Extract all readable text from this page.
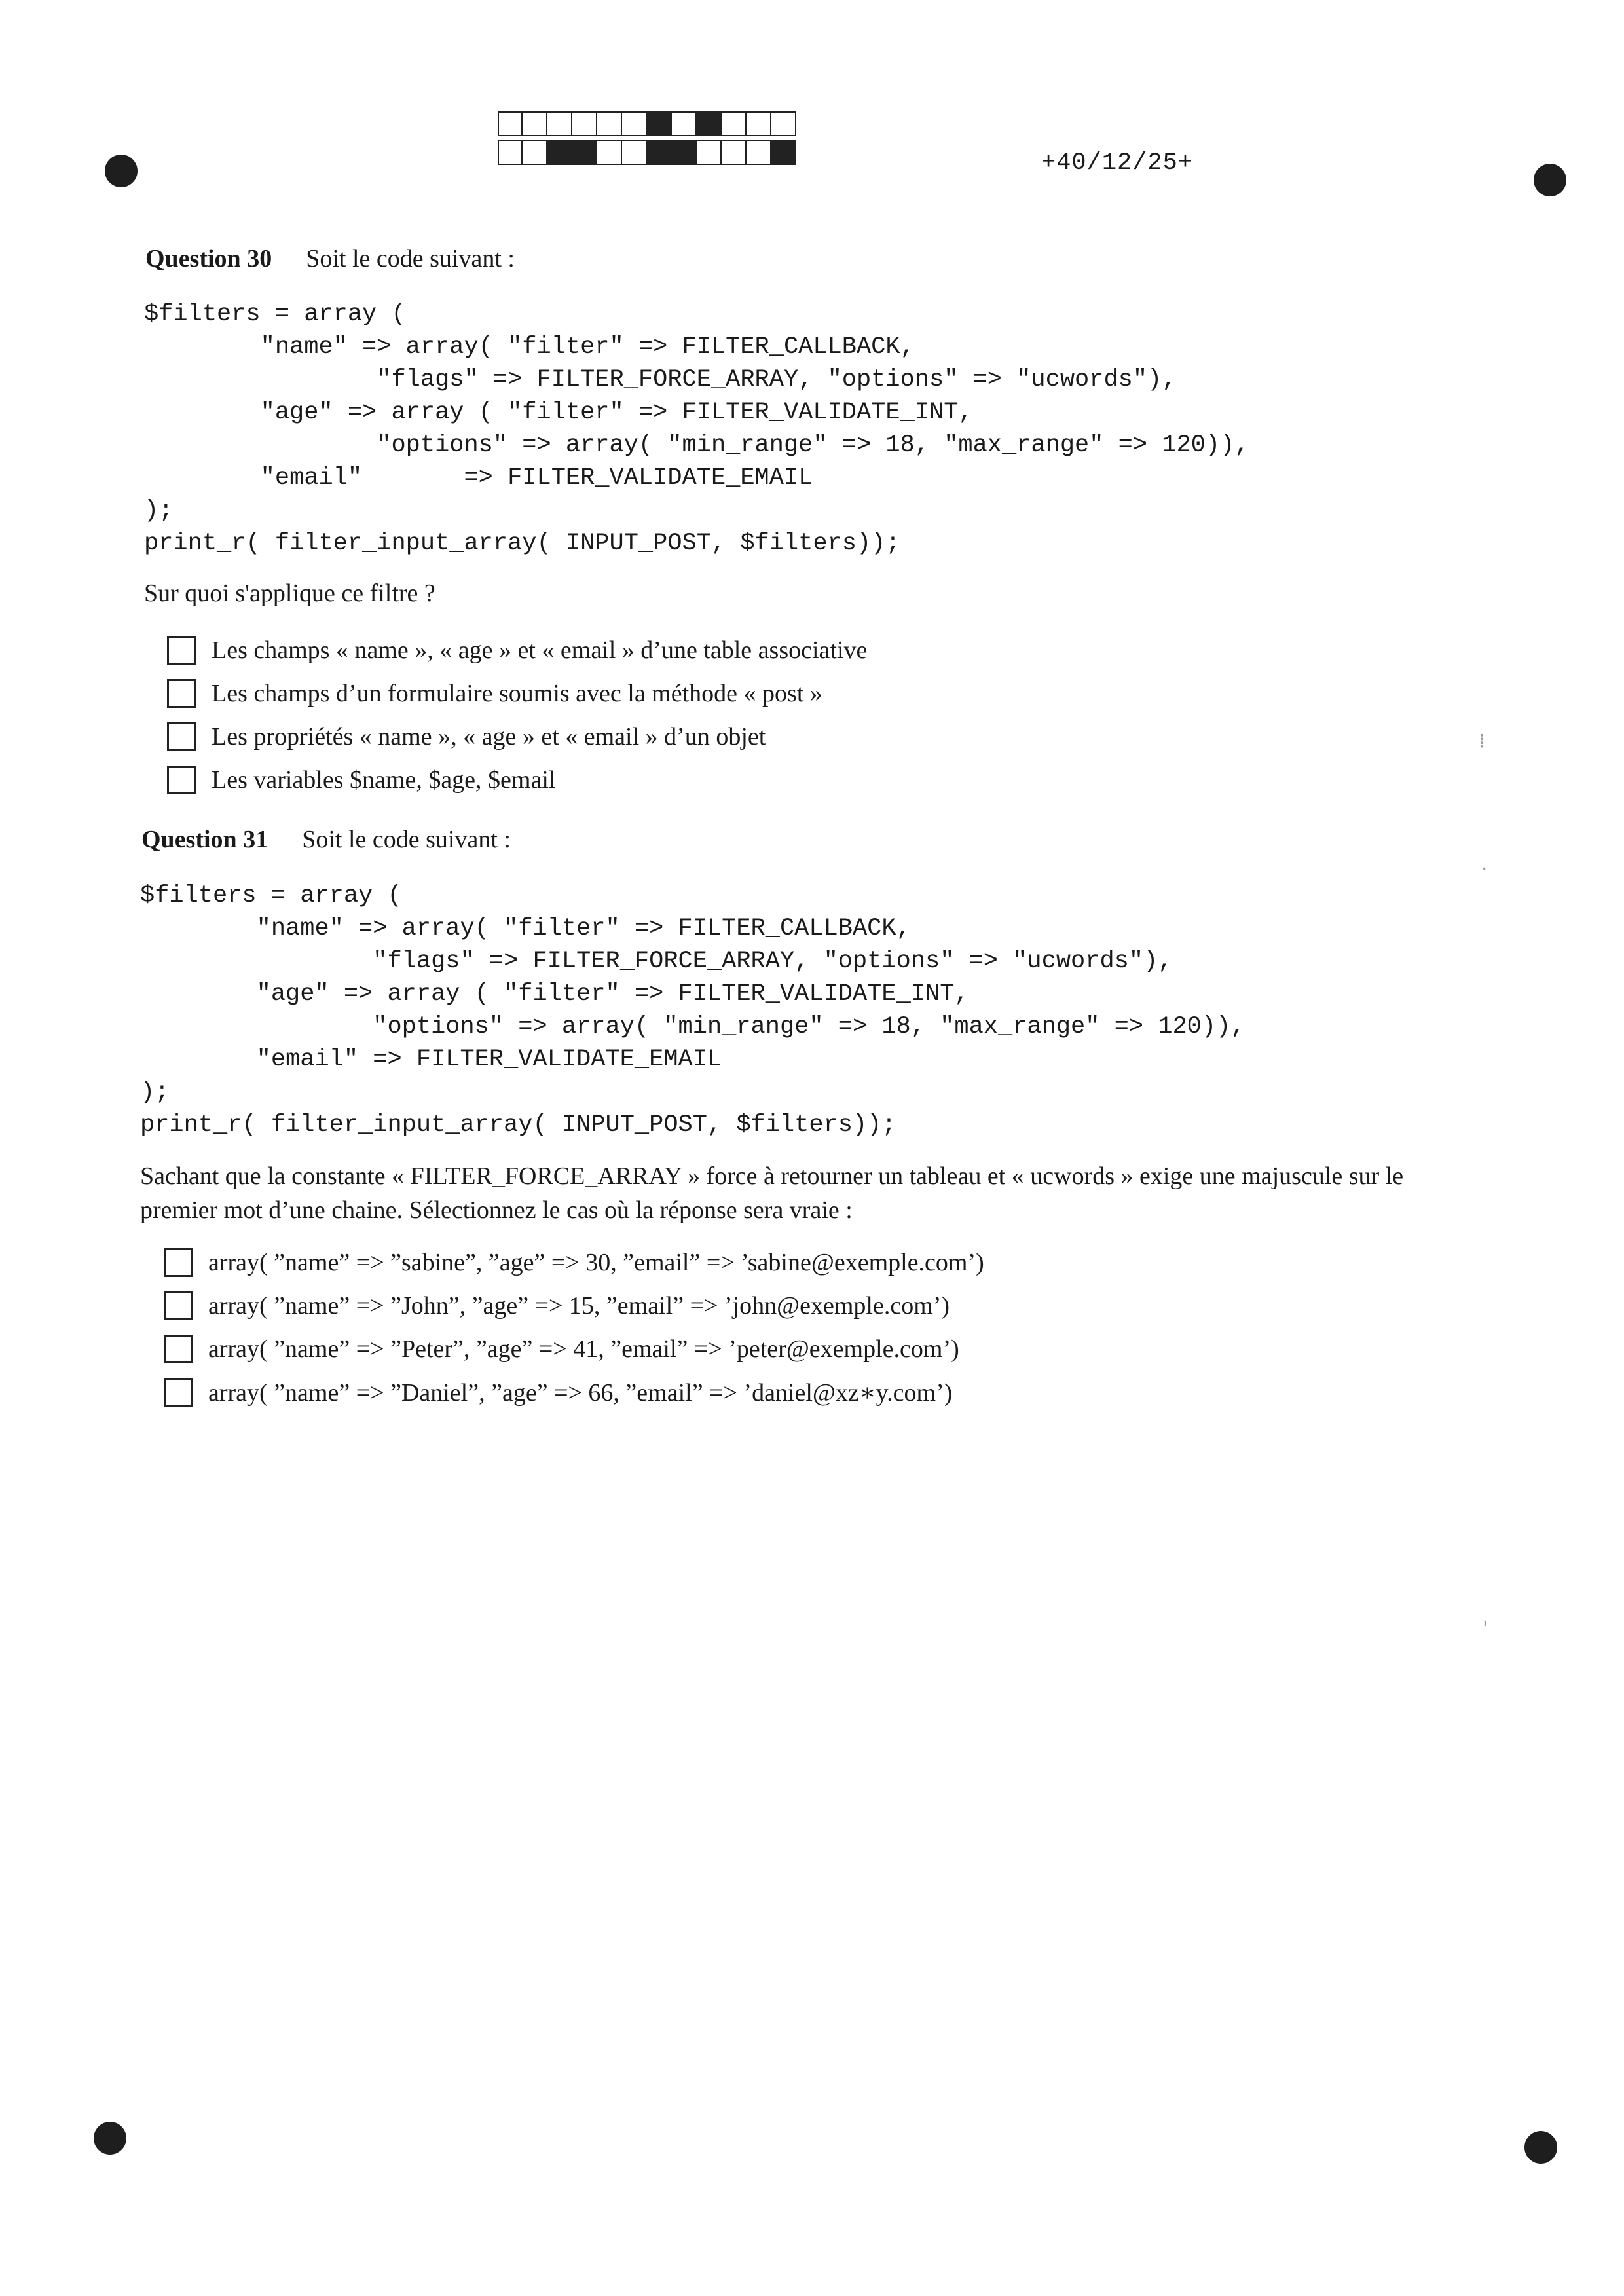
+40/12/25+
Question 30 Soit le code suivant :
$filters = array (
"name" => array( "filter" => FILTER_CALLBACK,
"flags" => FILTER_FORCE_ARRAY, "options" => "ucwords"),
"age" => array ( "filter" => FILTER_VALIDATE_INT,
"options" => array( "min_range" => 18, "max_range" => 120)),
"email"       => FILTER_VALIDATE_EMAIL
);
print_r( filter_input_array( INPUT_POST, $filters));
Sur quoi s'applique ce filtre ?
Les champs « name », « age » et « email » d’une table associative
Les champs d’un formulaire soumis avec la méthode « post »
Les propriétés « name », « age » et « email » d’un objet
Les variables $name, $age, $email
Question 31 Soit le code suivant :
$filters = array (
"name" => array( "filter" => FILTER_CALLBACK,
"flags" => FILTER_FORCE_ARRAY, "options" => "ucwords"),
"age" => array ( "filter" => FILTER_VALIDATE_INT,
"options" => array( "min_range" => 18, "max_range" => 120)),
"email" => FILTER_VALIDATE_EMAIL
);
print_r( filter_input_array( INPUT_POST, $filters));
Sachant que la constante « FILTER_FORCE_ARRAY » force à retourner un tableau et « ucwords » exige une majuscule sur le
premier mot d’une chaine. Sélectionnez le cas où la réponse sera vraie :
array( ”name” => ”sabine”, ”age” => 30, ”email” => ’sabine@exemple.com’)
array( ”name” => ”John”, ”age” => 15, ”email” => ’john@exemple.com’)
array( ”name” => ”Peter”, ”age” => 41, ”email” => ’peter@exemple.com’)
array( ”name” => ”Daniel”, ”age” => 66, ”email” => ’daniel@xz∗y.com’)
⁞
·
'
